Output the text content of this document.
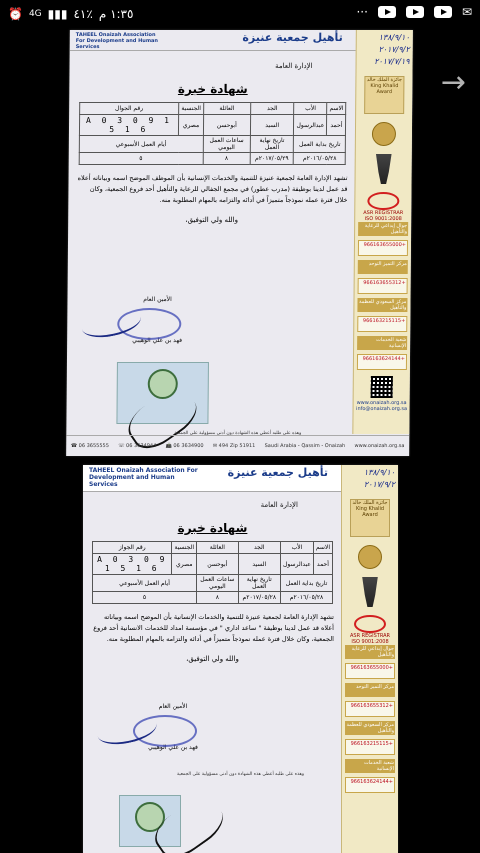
١:٣٥ م
٪٤١
▮▮▮
4G
⏰	···	✉
TAHEEL Onaizah Association For Development and Human Services
تأهيل جمعية عنيزة	١٣٨/٩/١٠
٢٠١٧/٩/٢
٢٠١٧/٧/١٩
جائزة الملك خالد King Khalid Award
ASR REGISTRAR ISO 9001:2008
جوال إبداعي للرعاية والتأهيل
+966163655000
مركز التميز التوحد
+966163655312
مركز السعودي للعظمة والتأهيل
+966163215115
شعبة الخدمات الإنسانية
+966163624144
www.onaizah.org.sa info@onaizah.org.sa
الإدارة العامة
شهادة خبرة
الاسم	الأب	الجد	العائلة	الجنسية	رقم الجوال
أحمد	عبدالرسول	السيد	أبوحسن	مصري	A 0 3 0 9 1 5 1 6
تاريخ بداية العمل		تاريخ نهاية العمل	ساعات العمل اليومي	أيام العمل الأسبوعي	
٢٠١٦/٠٥/٢٨م		٢٠١٧/٠٥/٢٩م	٨	٥	
تشهد الإدارة العامة لجمعية عنيزة للتنمية والخدمات الإنسانية بأن الموظف الموضح اسمه وبياناته أعلاه قد عمل لدينا بوظيفة (مدرب عطور) في مجمع الجفالي للرعاية والتأهيل أحد فروع الجمعية، وكان خلال فترة عمله نموذجاً متميزاً في أدائه والتزامه بالمهام المطلوبة منه.
والله ولي التوفيق،
الأمين العام
فهد بن علي الوهيبي
وهذه على طلبه أعطي هذه الشهادة دون أدنى مسؤولية على الجمعية
☎ 06 3655555 ☏ 06 3634944 📠 06 3634900 ✉ 494 Zip 51911 Saudi Arabia - Qassim - Onaizah www.onaizah.org.sa
TAHEEL Onaizah Association For Development and Human Services
تأهيل جمعية عنيزة	١٣٨/٩/١٠
٢٠١٧/٩/٢
جائزة الملك خالد King Khalid Award
ASR REGISTRAR ISO 9001:2008
جوال إبداعي للرعاية والتأهيل
+966163655000
مركز التميز التوحد
+966163655312
مركز السعودي للعظمة والتأهيل
+966163215115
شعبة الخدمات الإنسانية
+966163624144
الإدارة العامة
شهادة خبرة
الاسم	الأب	الجد	العائلة	الجنسية	رقم الجواز
أحمد	عبدالرسول	السيد	أبوحسن	مصري	A 0 3 0 9 1 5 1 6
تاريخ بداية العمل		تاريخ نهاية العمل	ساعات العمل اليومي	أيام العمل الأسبوعي	
٢٠١٦/٠٥/٢٨م		٢٠١٧/٠٥/٢٨م	٨	٥	
تشهد الإدارة العامة لجمعية عنيزة للتنمية والخدمات الإنسانية بأن الموضح اسمه وبياناته أعلاه قد عمل لدينا بوظيفة " ساعد اداري " في مؤسسة امداد للخدمات الانسانية أحد فروع الجمعية، وكان خلال فترة عمله نموذجاً متميزاً في أدائه والتزامه بالمهام المطلوبة منه.
والله ولي التوفيق،
الأمين العام
فهد بن علي الوهيبي
وهذه على طلبه أعطي هذه الشهادة دون أدنى مسؤولية على الجمعية
→
